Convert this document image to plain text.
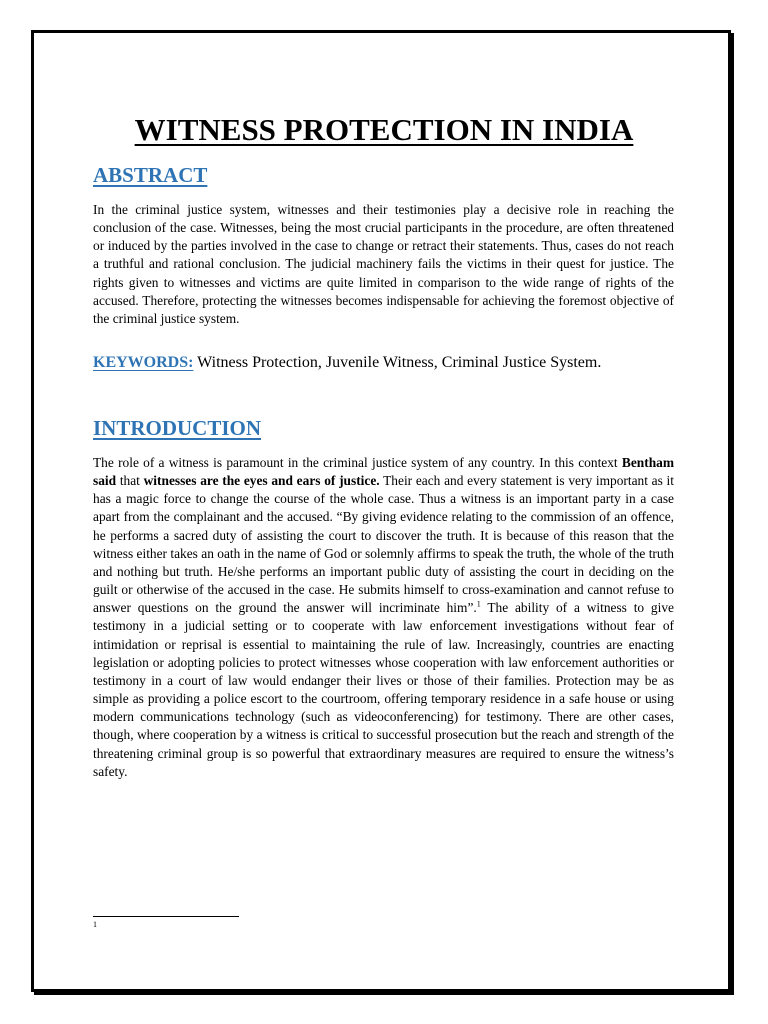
WITNESS PROTECTION IN INDIA
ABSTRACT

In the criminal justice system, witnesses and their testimonies play a decisive role in reaching the conclusion of the case. Witnesses, being the most crucial participants in the procedure, are often threatened or induced by the parties involved in the case to change or retract their statements. Thus, cases do not reach a truthful and rational conclusion. The judicial machinery fails the victims in their quest for justice. The rights given to witnesses and victims are quite limited in comparison to the wide range of rights of the accused. Therefore, protecting the witnesses becomes indispensable for achieving the foremost objective of the criminal justice system.

KEYWORDS: Witness Protection, Juvenile Witness, Criminal Justice System.

INTRODUCTION

The role of a witness is paramount in the criminal justice system of any country. In this context Bentham said that witnesses are the eyes and ears of justice. Their each and every statement is very important as it has a magic force to change the course of the whole case. Thus a witness is an important party in a case apart from the complainant and the accused. “By giving evidence relating to the commission of an offence, he performs a sacred duty of assisting the court to discover the truth. It is because of this reason that the witness either takes an oath in the name of God or solemnly affirms to speak the truth, the whole of the truth and nothing but truth. He/she performs an important public duty of assisting the court in deciding on the guilt or otherwise of the accused in the case. He submits himself to cross-examination and cannot refuse to answer questions on the ground the answer will incriminate him”.$^1$ The ability of a witness to give testimony in a judicial setting or to cooperate with law enforcement investigations without fear of intimidation or reprisal is essential to maintaining the rule of law. Increasingly, countries are enacting legislation or adopting policies to protect witnesses whose cooperation with law enforcement authorities or testimony in a court of law would endanger their lives or those of their families. Protection may be as simple as providing a police escort to the courtroom, offering temporary residence in a safe house or using modern communications technology (such as videoconferencing) for testimony. There are other cases, though, where cooperation by a witness is critical to successful prosecution but the reach and strength of the threatening criminal group is so powerful that extraordinary measures are required to ensure the witness’s safety.

1
